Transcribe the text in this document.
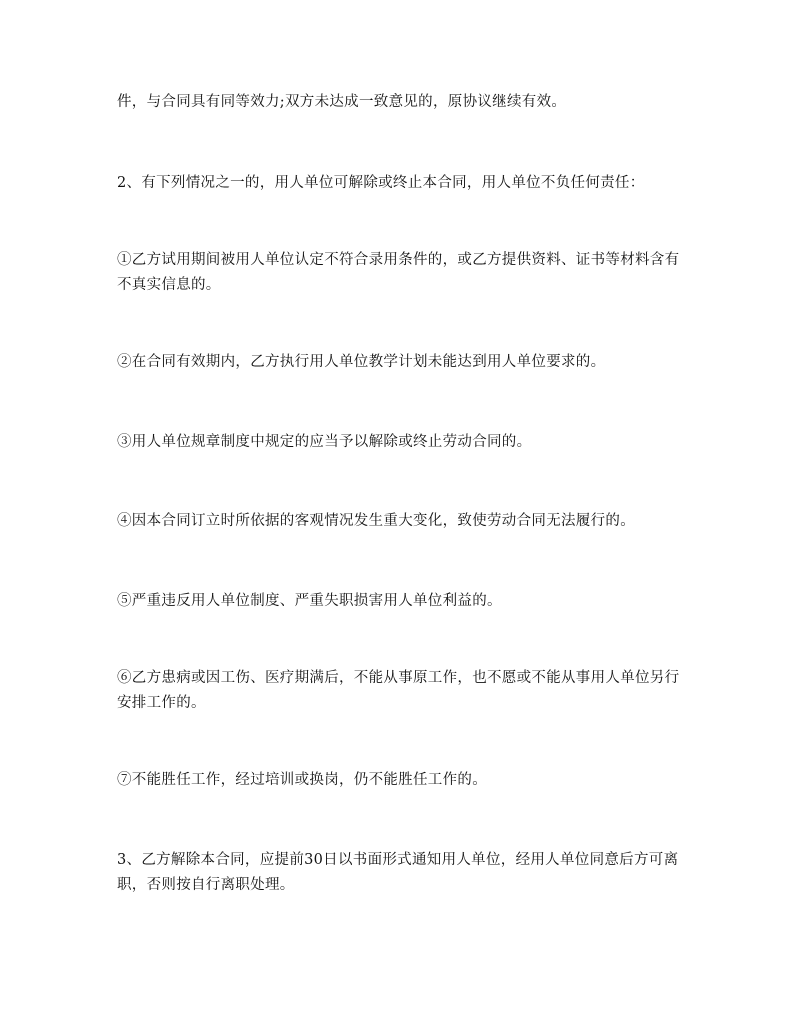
件，与合同具有同等效力;双方未达成一致意见的，原协议继续有效。

2、有下列情况之一的，用人单位可解除或终止本合同，用人单位不负任何责任：

①乙方试用期间被用人单位认定不符合录用条件的，或乙方提供资料、证书等材料含有不真实信息的。

②在合同有效期内，乙方执行用人单位教学计划未能达到用人单位要求的。

③用人单位规章制度中规定的应当予以解除或终止劳动合同的。

④因本合同订立时所依据的客观情况发生重大变化，致使劳动合同无法履行的。

⑤严重违反用人单位制度、严重失职损害用人单位利益的。

⑥乙方患病或因工伤、医疗期满后，不能从事原工作，也不愿或不能从事用人单位另行安排工作的。

⑦不能胜任工作，经过培训或换岗，仍不能胜任工作的。

3、乙方解除本合同，应提前30日以书面形式通知用人单位，经用人单位同意后方可离职，否则按自行离职处理。
